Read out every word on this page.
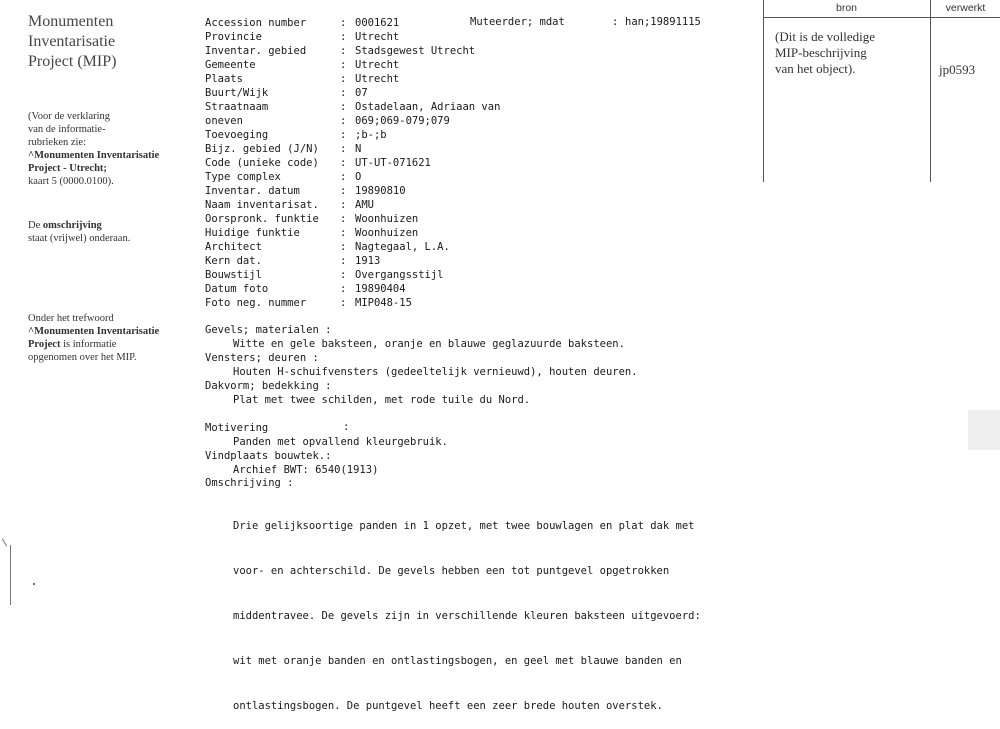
Monumenten
Inventarisatie
Project (MIP)
(Voor de verklaring
van de informatie-
rubrieken zie:
^Monumenten Inventarisatie
Project - Utrecht;
kaart 5 (0000.0100).
De omschrijving
staat (vrijwel) onderaan.
Onder het trefwoord
^Monumenten Inventarisatie
Project is informatie
opgenomen over het MIP.
bron	verwerkt
(Dit is de volledige
MIP-beschrijving
van het object).	jp0593
Muteerder; mdat	: han;19891115
Accession number	: 0001621
Provincie	: Utrecht
Inventar. gebied	: Stadsgewest Utrecht
Gemeente	: Utrecht
Plaats	: Utrecht
Buurt/Wijk	: 07
Straatnaam	: Ostadelaan, Adriaan van
oneven	: 069;069-079;079
Toevoeging	: ;b-;b
Bijz. gebied (J/N) : N
Code (unieke code) : UT-UT-071621
Type complex	: O
Inventar. datum	: 19890810
Naam inventarisat. : AMU
Oorspronk. funktie : Woonhuizen
Huidige funktie	: Woonhuizen
Architect	: Nagtegaal, L.A.
Kern dat.	: 1913
Bouwstijl	: Overgangsstijl
Datum foto	: 19890404
Foto neg. nummer	: MIP048-15
Gevels; materialen :
Witte en gele baksteen, oranje en blauwe geglazuurde baksteen.
Vensters; deuren :
Houten H-schuifvensters (gedeeltelijk vernieuwd), houten deuren.
Dakvorm; bedekking :
Plat met twee schilden, met rode tuile du Nord.
Motivering	:
Panden met opvallend kleurgebruik.
Vindplaats bouwtek.:
Archief BWT: 6540(1913)
Omschrijving :

Drie gelijksoortige panden in 1 opzet, met twee bouwlagen en plat dak met

voor- en achterschild. De gevels hebben een tot puntgevel opgetrokken

middentravee. De gevels zijn in verschillende kleuren baksteen uitgevoerd:

wit met oranje banden en ontlastingsbogen, en geel met blauwe banden en

ontlastingsbogen. De puntgevel heeft een zeer brede houten overstek.
